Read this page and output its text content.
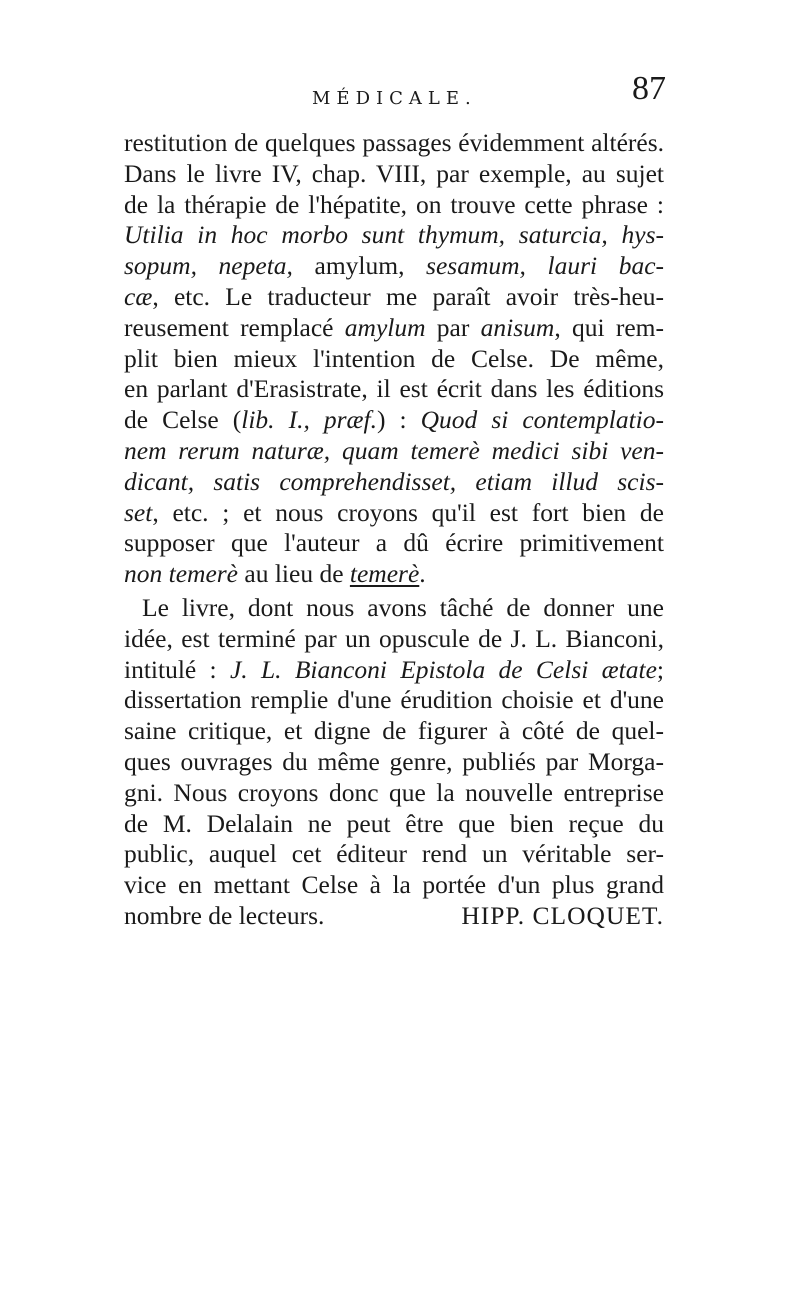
MÉDICALE.	87
restitution de quelques passages évidemment altérés.
Dans le livre IV, chap. VIII, par exemple, au sujet
de la thérapie de l'hépatite, on trouve cette phrase :
Utilia in hoc morbo sunt thymum, saturcia, hys-
sopum, nepeta, amylum, sesamum, lauri bac-
cæ, etc. Le traducteur me paraît avoir très-heu-
reusement remplacé amylum par anisum, qui rem-
plit bien mieux l'intention de Celse. De même,
en parlant d'Erasistrate, il est écrit dans les éditions
de Celse (lib. I., præf.) : Quod si contemplatio-
nem rerum naturæ, quam temerè medici sibi ven-
dicant, satis comprehendisset, etiam illud scis-
set, etc. ; et nous croyons qu'il est fort bien de
supposer que l'auteur a dû écrire primitivement
non temerè au lieu de temerè.
Le livre, dont nous avons tâché de donner une
idée, est terminé par un opuscule de J. L. Bianconi,
intitulé : J. L. Bianconi Epistola de Celsi ætate;
dissertation remplie d'une érudition choisie et d'une
saine critique, et digne de figurer à côté de quel-
ques ouvrages du même genre, publiés par Morga-
gni. Nous croyons donc que la nouvelle entreprise
de M. Delalain ne peut être que bien reçue du
public, auquel cet éditeur rend un véritable ser-
vice en mettant Celse à la portée d'un plus grand
nombre de lecteurs.	HIPP. CLOQUET.
